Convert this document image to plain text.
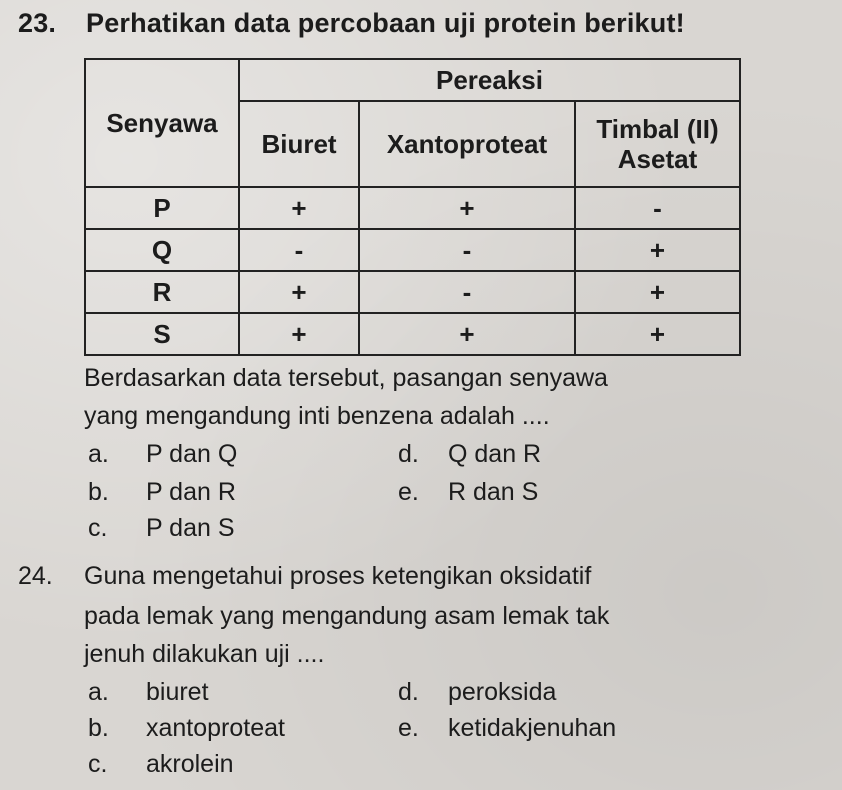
23. Perhatikan data percobaan uji protein berikut!
Senyawa	Pereaksi		
	Biuret	Xantoproteat	Timbal (II)
Asetat

P	+	+	-
Q	-	-	+
R	+	-	+
S	+	+	+
Berdasarkan data tersebut, pasangan senyawa
yang mengandung inti benzena adalah ....
a. P dan Q
b. P dan R
c. P dan S
d. Q dan R
e. R dan S
24. Guna mengetahui proses ketengikan oksidatif
pada lemak yang mengandung asam lemak tak
jenuh dilakukan uji ....
a. biuret
b. xantoproteat
c. akrolein
d. peroksida
e. ketidakjenuhan
